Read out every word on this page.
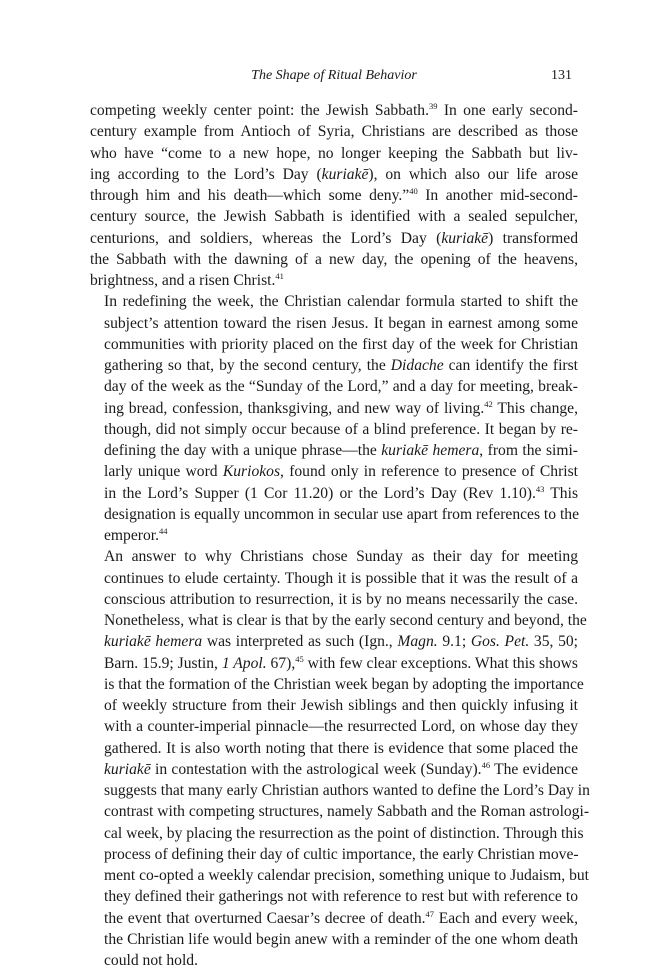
The Shape of Ritual Behavior	131

competing weekly center point: the Jewish Sabbath.$^{39}$ In one early second-
century example from Antioch of Syria, Christians are described as those
who have “come to a new hope, no longer keeping the Sabbath but liv-
ing according to the Lord’s Day (kuriakē), on which also our life arose
through him and his death—which some deny.”$^{40}$ In another mid-second-
century source, the Jewish Sabbath is identified with a sealed sepulcher,
centurions, and soldiers, whereas the Lord’s Day (kuriakē) transformed
the Sabbath with the dawning of a new day, the opening of the heavens,
brightness, and a risen Christ.$^{41}$

In redefining the week, the Christian calendar formula started to shift the
subject’s attention toward the risen Jesus. It began in earnest among some
communities with priority placed on the first day of the week for Christian
gathering so that, by the second century, the Didache can identify the first
day of the week as the “Sunday of the Lord,” and a day for meeting, break-
ing bread, confession, thanksgiving, and new way of living.$^{42}$ This change,
though, did not simply occur because of a blind preference. It began by re-
defining the day with a unique phrase—the kuriakē hemera, from the simi-
larly unique word Kuriokos, found only in reference to presence of Christ
in the Lord’s Supper (1 Cor 11.20) or the Lord’s Day (Rev 1.10).$^{43}$ This
designation is equally uncommon in secular use apart from references to the
emperor.$^{44}$

An answer to why Christians chose Sunday as their day for meeting
continues to elude certainty. Though it is possible that it was the result of a
conscious attribution to resurrection, it is by no means necessarily the case.
Nonetheless, what is clear is that by the early second century and beyond, the
kuriakē hemera was interpreted as such (Ign., Magn. 9.1; Gos. Pet. 35, 50;
Barn. 15.9; Justin, 1 Apol. 67),$^{45}$ with few clear exceptions. What this shows
is that the formation of the Christian week began by adopting the importance
of weekly structure from their Jewish siblings and then quickly infusing it
with a counter-imperial pinnacle—the resurrected Lord, on whose day they
gathered. It is also worth noting that there is evidence that some placed the
kuriakē in contestation with the astrological week (Sunday).$^{46}$ The evidence
suggests that many early Christian authors wanted to define the Lord’s Day in
contrast with competing structures, namely Sabbath and the Roman astrologi-
cal week, by placing the resurrection as the point of distinction. Through this
process of defining their day of cultic importance, the early Christian move-
ment co-opted a weekly calendar precision, something unique to Judaism, but
they defined their gatherings not with reference to rest but with reference to
the event that overturned Caesar’s decree of death.$^{47}$ Each and every week,
the Christian life would begin anew with a reminder of the one whom death
could not hold.
